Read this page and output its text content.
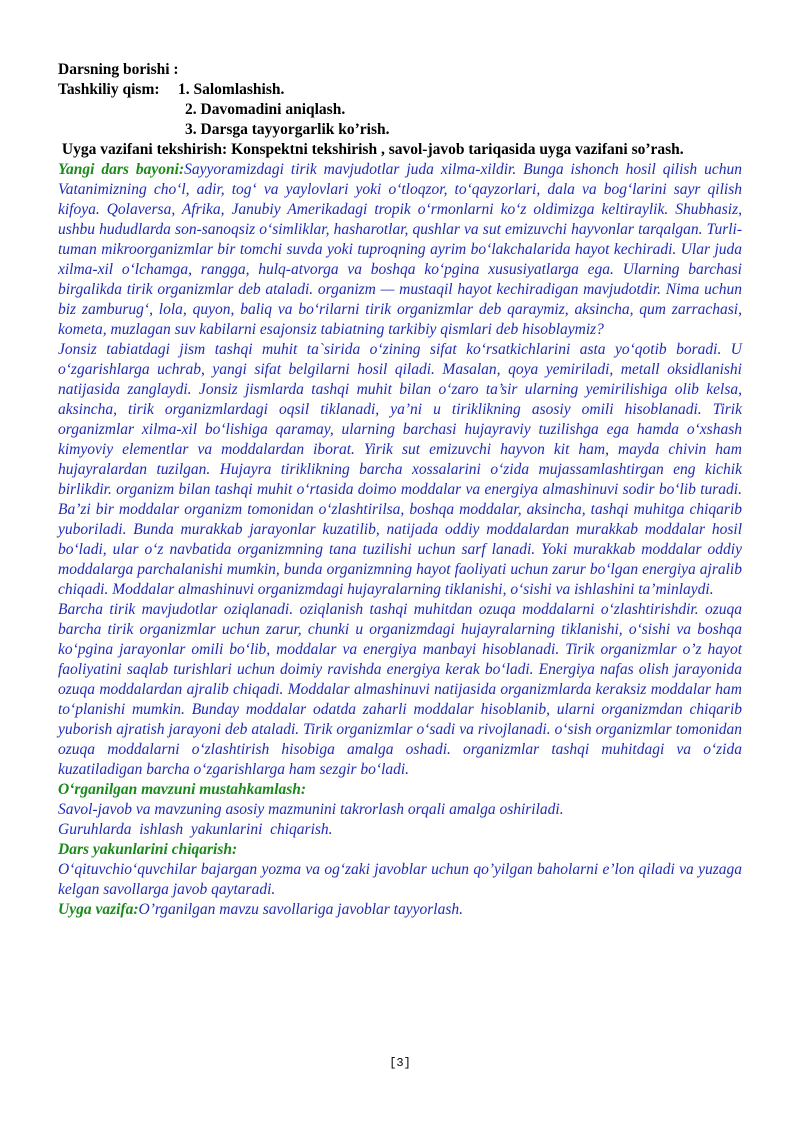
Darsning borishi :
Tashkiliy qism:	1. Salomlashish.
2. Davomadini aniqlash.
3. Darsga tayyorgarlik ko’rish.
Uyga vazifani tekshirish: Konspektni tekshirish , savol-javob tariqasida uyga vazifani so’rash.

Yangi dars bayoni:Sayyoramizdagi tirik mavjudotlar juda xilma-xildir. Bunga ishonch hosil qilish uchun Vatanimizning cho‘l, adir, tog‘ va yaylovlari yoki o‘tloqzor, to‘qayzorlari, dala va bog‘larini sayr qilish kifoya. Qolaversa, Afrika, Janubiy Amerikadagi tropik o‘rmonlarni ko‘z oldimizga keltiraylik. Shubhasiz, ushbu hududlarda son-sanoqsiz o‘simliklar, hasharotlar, qushlar va sut emizuvchi hayvonlar tarqalgan. Turli-tuman mikroorganizmlar bir tomchi suvda yoki tuproqning ayrim bo‘lakchalarida hayot kechiradi. Ular juda xilma-xil o‘lchamga, rangga, hulq-atvorga va boshqa ko‘pgina xususiyatlarga ega. Ularning barchasi birgalikda tirik organizmlar deb ataladi. organizm — mustaqil hayot kechiradigan mavjudotdir. Nima uchun biz zamburug‘, lola, quyon, baliq va bo‘rilarni tirik organizmlar deb qaraymiz, aksincha, qum zarrachasi, kometa, muzlagan suv kabilarni esajonsiz tabiatning tarkibiy qismlari deb hisoblaymiz?

Jonsiz tabiatdagi jism tashqi muhit ta`sirida o‘zining sifat ko‘rsatkichlarini asta yo‘qotib boradi. U o‘zgarishlarga uchrab, yangi sifat belgilarni hosil qiladi. Masalan, qoya yemiriladi, metall oksidlanishi natijasida zanglaydi. Jonsiz jismlarda tashqi muhit bilan o‘zaro ta’sir ularning yemirilishiga olib kelsa, aksincha, tirik organizmlardagi oqsil tiklanadi, ya’ni u tiriklikning asosiy omili hisoblanadi. Tirik organizmlar xilma-xil bo‘lishiga qaramay, ularning barchasi hujayraviy tuzilishga ega hamda o‘xshash kimyoviy elementlar va moddalardan iborat. Yirik sut emizuvchi hayvon kit ham, mayda chivin ham hujayralardan tuzilgan. Hujayra tiriklikning barcha xossalarini o‘zida mujassamlashtirgan eng kichik birlikdir. organizm bilan tashqi muhit o‘rtasida doimo moddalar va energiya almashinuvi sodir bo‘lib turadi. Ba’zi bir moddalar organizm tomonidan o‘zlashtirilsa, boshqa moddalar, aksincha, tashqi muhitga chiqarib yuboriladi. Bunda murakkab jarayonlar kuzatilib, natijada oddiy moddalardan murakkab moddalar hosil bo‘ladi, ular o‘z navbatida organizmning tana tuzilishi uchun sarf lanadi. Yoki murakkab moddalar oddiy moddalarga parchalanishi mumkin, bunda organizmning hayot faoliyati uchun zarur bo‘lgan energiya ajralib chiqadi. Moddalar almashinuvi organizmdagi hujayralarning tiklanishi, o‘sishi va ishlashini ta’minlaydi.

Barcha tirik mavjudotlar oziqlanadi. oziqlanish tashqi muhitdan ozuqa moddalarni o‘zlashtirishdir. ozuqa barcha tirik organizmlar uchun zarur, chunki u organizmdagi hujayralarning tiklanishi, o‘sishi va boshqa ko‘pgina jarayonlar omili bo‘lib, moddalar va energiya manbayi hisoblanadi. Tirik organizmlar o’z hayot faoliyatini saqlab turishlari uchun doimiy ravishda energiya kerak bo‘ladi. Energiya nafas olish jarayonida ozuqa moddalardan ajralib chiqadi. Moddalar almashinuvi natijasida organizmlarda keraksiz moddalar ham to‘planishi mumkin. Bunday moddalar odatda zaharli moddalar hisoblanib, ularni organizmdan chiqarib yuborish ajratish jarayoni deb ataladi. Tirik organizmlar o‘sadi va rivojlanadi. o‘sish organizmlar tomonidan ozuqa moddalarni o‘zlashtirish hisobiga amalga oshadi. organizmlar tashqi muhitdagi va o‘zida kuzatiladigan barcha o‘zgarishlarga ham sezgir bo‘ladi.

O‘rganilgan mavzuni mustahkamlash:
Savol-javob va mavzuning asosiy mazmunini takrorlash orqali amalga oshiriladi.
Guruhlarda  ishlash  yakunlarini  chiqarish.
Dars yakunlarini chiqarish:

O‘qituvchio‘quvchilar bajargan yozma va og‘zaki javoblar uchun qo’yilgan baholarni e’lon qiladi va yuzaga kelgan savollarga javob qaytaradi.

Uyga vazifa:O’rganilgan mavzu savollariga javoblar tayyorlash.
[3]
